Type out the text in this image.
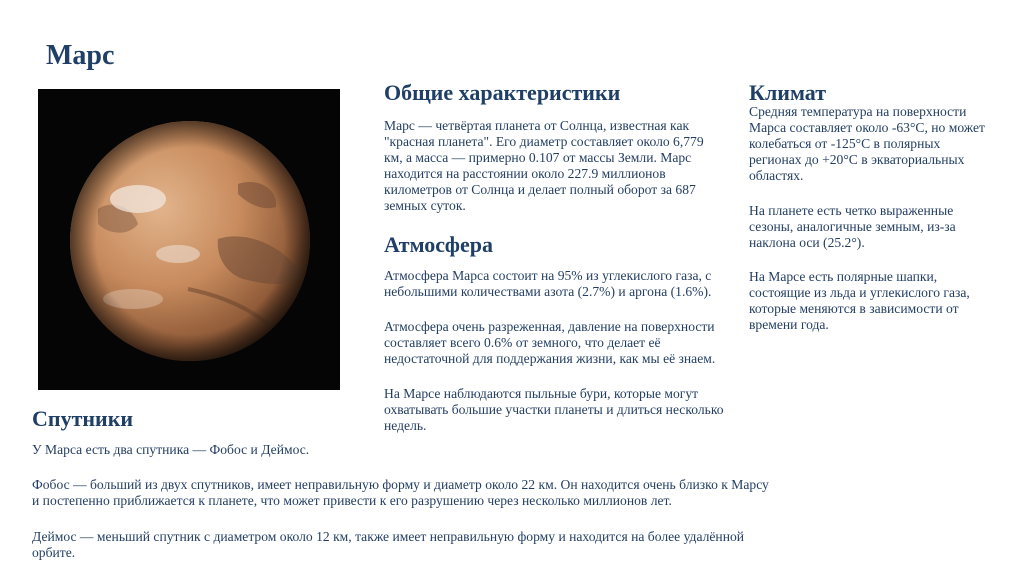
Марс
Общие характеристики

Марс — четвёртая планета от Солнца, известная как "красная планета". Его диаметр составляет около 6,779 км, а масса — примерно 0.107 от массы Земли. Марс находится на расстоянии около 227.9 миллионов километров от Солнца и делает полный оборот за 687 земных суток.

Атмосфера

Атмосфера Марса состоит на 95% из углекислого газа, с небольшими количествами азота (2.7%) и аргона (1.6%).

Атмосфера очень разреженная, давление на поверхности составляет всего 0.6% от земного, что делает её недостаточной для поддержания жизни, как мы её знаем.

На Марсе наблюдаются пыльные бури, которые могут охватывать большие участки планеты и длиться несколько недель.

Климат

Средняя температура на поверхности Марса составляет около -63°C, но может колебаться от -125°C в полярных регионах до +20°C в экваториальных областях.

На планете есть четко выраженные сезоны, аналогичные земным, из-за наклона оси (25.2°).

На Марсе есть полярные шапки, состоящие из льда и углекислого газа, которые меняются в зависимости от времени года.

Спутники

У Марса есть два спутника — Фобос и Деймос.

Фобос — больший из двух спутников, имеет неправильную форму и диаметр около 22 км. Он находится очень близко к Марсу и постепенно приближается к планете, что может привести к его разрушению через несколько миллионов лет.

Деймос — меньший спутник с диаметром около 12 км, также имеет неправильную форму и находится на более удалённой орбите.
